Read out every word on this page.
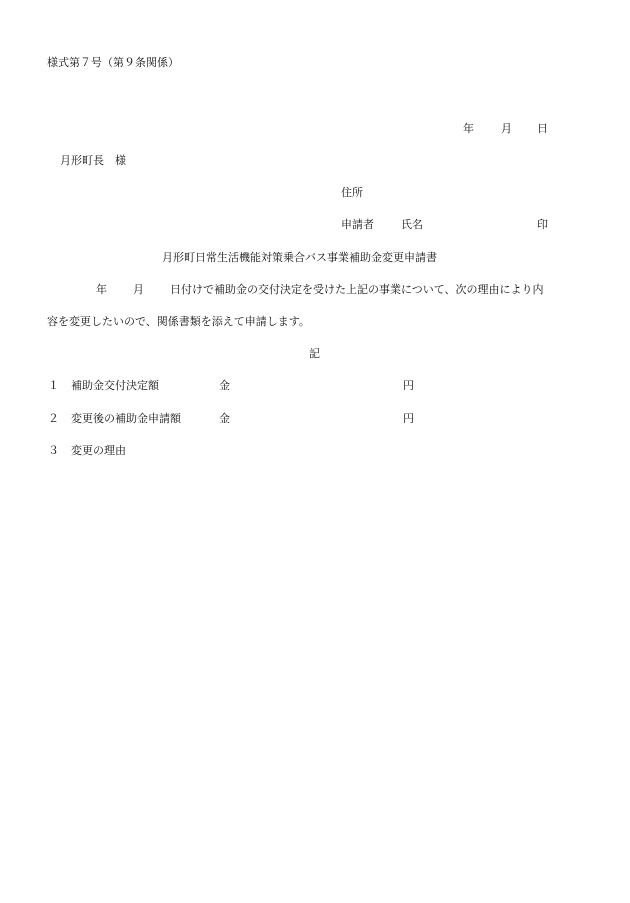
様式第７号（第９条関係）
年 月 日
月形町長　様
住所
申請者 氏名	印
月形町日常生活機能対策乗合バス事業補助金変更申請書
年 月 日付けで補助金の交付決定を受けた上記の事業について、次の理由により内
容を変更したいので、関係書類を添えて申請します。
記
１ 補助金交付決定額	金	円
２ 変更後の補助金申請額	金	円
３ 変更の理由
